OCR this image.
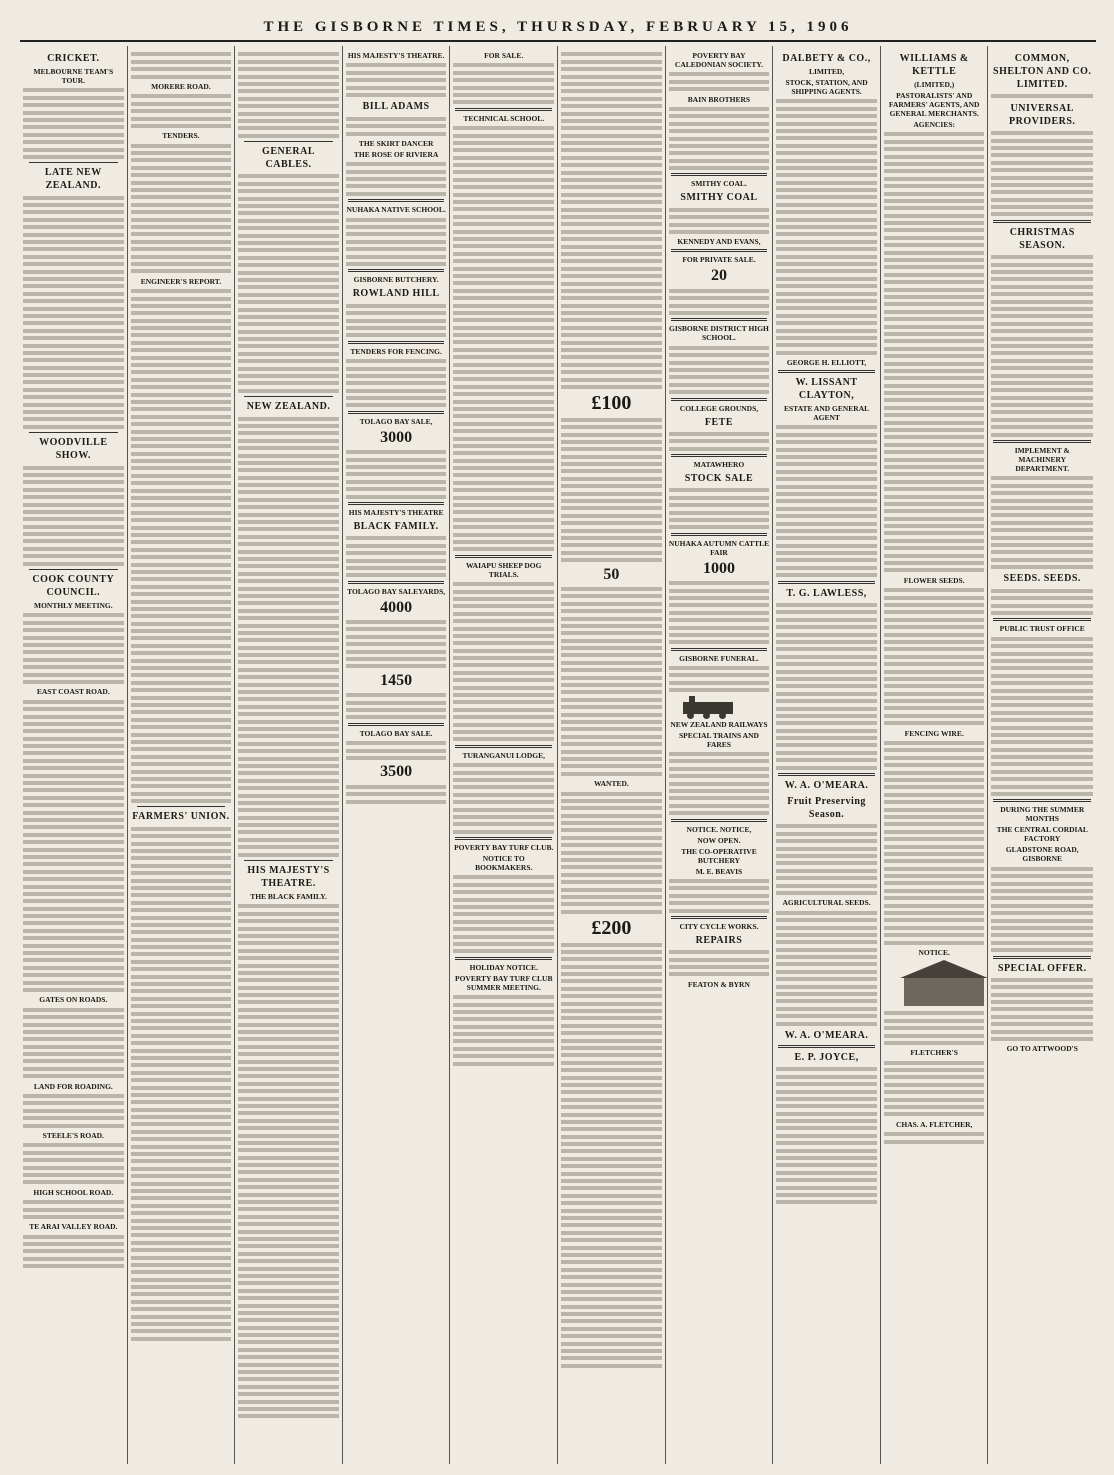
THE GISBORNE TIMES, THURSDAY, FEBRUARY 15, 1906
CRICKET.
MELBOURNE TEAM'S TOUR.
LATE NEW ZEALAND.
WOODVILLE SHOW.
COOK COUNTY COUNCIL.
MONTHLY MEETING.
EAST COAST ROAD.
GATES ON ROADS.
LAND FOR ROADING.
STEELE'S ROAD.
HIGH SCHOOL ROAD.
TE ARAI VALLEY ROAD.
MORERE ROAD.
TENDERS.
ENGINEER'S REPORT.
FARMERS' UNION.
GENERAL CABLES.
NEW ZEALAND.
HIS MAJESTY'S THEATRE.
THE BLACK FAMILY.
HIS MAJESTY'S THEATRE.
BILL ADAMS
THE SKIRT DANCER
THE ROSE OF RIVIERA
NUHAKA NATIVE SCHOOL.
GISBORNE BUTCHERY.
ROWLAND HILL
TENDERS FOR FENCING.
TOLAGO BAY SALE,
3000
HIS MAJESTY'S THEATRE
BLACK FAMILY.
TOLAGO BAY SALEYARDS,
4000
1450
TOLAGO BAY SALE.
3500
FOR SALE.
TECHNICAL SCHOOL.
WAIAPU SHEEP DOG TRIALS.
TURANGANUI LODGE,
POVERTY BAY TURF CLUB.
NOTICE TO BOOKMAKERS.
HOLIDAY NOTICE.
POVERTY BAY TURF CLUB SUMMER MEETING.
£100
50
WANTED.
£200
POVERTY BAY CALEDONIAN SOCIETY.
BAIN BROTHERS
SMITHY COAL.
SMITHY COAL
KENNEDY AND EVANS,
FOR PRIVATE SALE.
20
GISBORNE DISTRICT HIGH SCHOOL.
COLLEGE GROUNDS,
FETE
MATAWHERO
STOCK SALE
NUHAKA AUTUMN CATTLE FAIR
1000
GISBORNE FUNERAL.
NEW ZEALAND RAILWAYS
SPECIAL TRAINS AND FARES
NOTICE. NOTICE,
NOW OPEN.
THE CO-OPERATIVE BUTCHERY
M. E. BEAVIS
CITY CYCLE WORKS.
REPAIRS
FEATON & BYRN
DALBETY & CO.,
LIMITED,
STOCK, STATION, AND SHIPPING AGENTS.
GEORGE H. ELLIOTT,
W. LISSANT CLAYTON,
ESTATE AND GENERAL AGENT
T. G. LAWLESS,
W. A. O'MEARA.
Fruit Preserving Season.
AGRICULTURAL SEEDS.
W. A. O'MEARA.
E. P. JOYCE,
WILLIAMS & KETTLE
(LIMITED,)
PASTORALISTS' AND FARMERS' AGENTS, AND GENERAL MERCHANTS.
AGENCIES:
FLOWER SEEDS.
FENCING WIRE.
NOTICE.
FLETCHER'S
CHAS. A. FLETCHER,
COMMON, SHELTON AND CO. LIMITED.
UNIVERSAL PROVIDERS.
CHRISTMAS SEASON.
IMPLEMENT & MACHINERY DEPARTMENT.
SEEDS. SEEDS.
PUBLIC TRUST OFFICE
DURING THE SUMMER MONTHS
THE CENTRAL CORDIAL FACTORY
GLADSTONE ROAD, GISBORNE
SPECIAL OFFER.
GO TO ATTWOOD'S
